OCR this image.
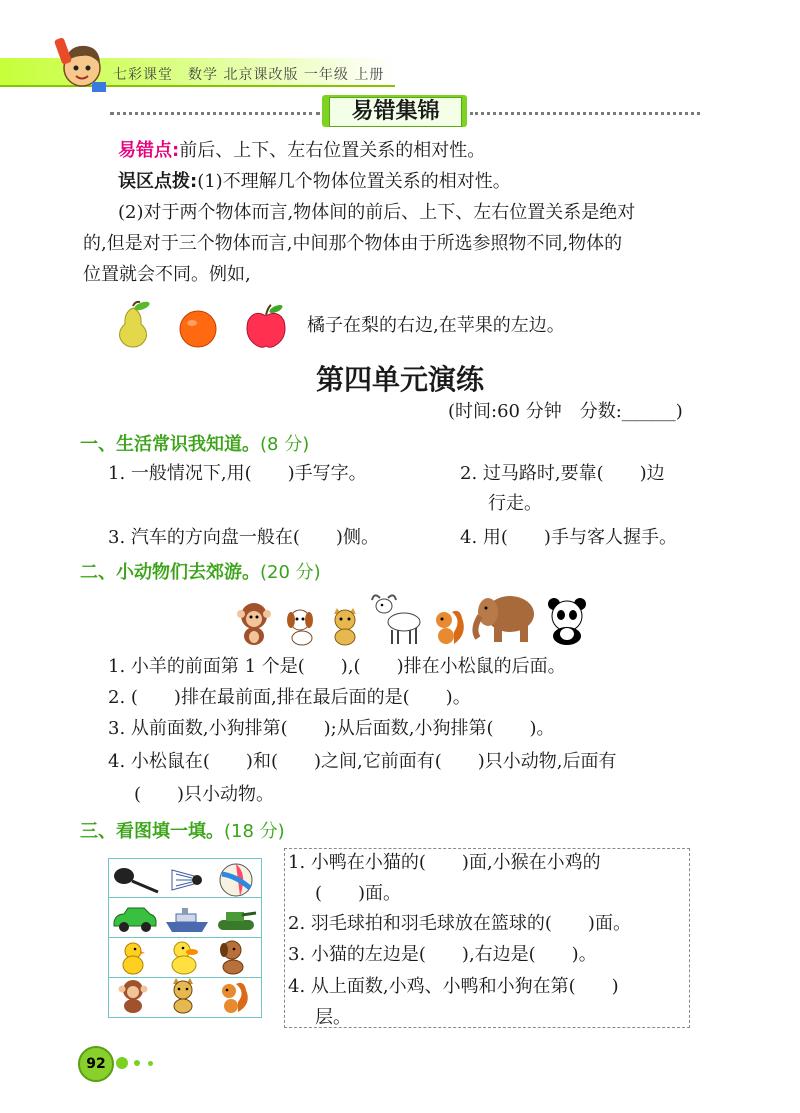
七彩课堂　数学 北京课改版 一年级 上册
易错集锦
易错点:前后、上下、左右位置关系的相对性。
误区点拨:(1)不理解几个物体位置关系的相对性。
(2)对于两个物体而言,物体间的前后、上下、左右位置关系是绝对
的,但是对于三个物体而言,中间那个物体由于所选参照物不同,物体的
位置就会不同。例如,
橘子在梨的右边,在苹果的左边。
第四单元演练
(时间:60 分钟　分数:______)
一、生活常识我知道。(8 分)
1. 一般情况下,用(　　)手写字。	2. 过马路时,要靠(　　)边
行走。
3. 汽车的方向盘一般在(　　)侧。	4. 用(　　)手与客人握手。
二、小动物们去郊游。(20 分)
1. 小羊的前面第 1 个是(　　),(　　)排在小松鼠的后面。
2. (　　)排在最前面,排在最后面的是(　　)。
3. 从前面数,小狗排第(　　);从后面数,小狗排第(　　)。
4. 小松鼠在(　　)和(　　)之间,它前面有(　　)只小动物,后面有
(　　)只小动物。
三、看图填一填。(18 分)
1. 小鸭在小猫的(　　)面,小猴在小鸡的
(　　)面。
2. 羽毛球拍和羽毛球放在篮球的(　　)面。
3. 小猫的左边是(　　),右边是(　　)。
4. 从上面数,小鸡、小鸭和小狗在第(　　)
层。
92
